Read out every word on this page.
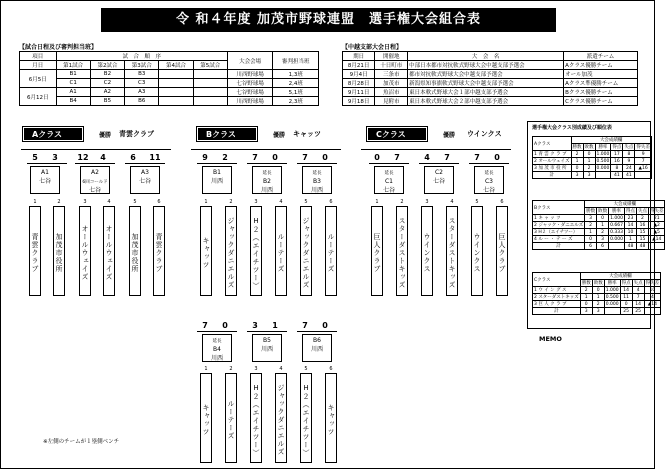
令 和４年度 加茂市野球連盟　選手権大会組合表
【試合日程及び審判担当班】
項目	試　合　順　序					大会会場	審判担当班
月日	第1試合	第2試合	第3試合	第4試合	第5試合		
6月5日	B1	B2	B3			川西野球場	1,3班
	C1	C2	C3			七谷野球場	2,4班
6月12日	A1	A2	A3			七谷野球場	5,1班
	B4	B5	B6			川西野球場	2,3班
【中越支部大会日程】
期日	開催地	大　会　名	派遣チーム
8月21日	十日町市	中部日本都市対抗軟式野球大会中越支部予選会	Aクラス優勝チーム
9月4日	三条市	都市対抗軟式野球大会中越支部予選会	オール加茂
8月28日	加茂市	新潟県知事旗軟式野球大会中越支部予選会	Aクラス準優勝チーム
9月11日	魚沼市	東日本軟式野球大会１部中越支部予選会	Bクラス優勝チーム
9月18日	見附市	東日本軟式野球大会２部中越支部予選会	Cクラス優勝チーム
Aクラス	優勝 青雲クラブ
5	3	12	4	6	11
A1
七谷
A2
6回コールド
七谷
A3
七谷
1	2	3	4	5	6
青雲クラブ 加茂市役所	オールウェイズ オールウェイズ	加茂市役所 青雲クラブ
Bクラス	優勝 キャッツ
9	2	7	0	7	0
B1
川西
延長
B2
川西
延長
B3
川西
1	2	3	4	5	6
キャッツ ジャックダニエルズ H２（エイチツー） ルーテーズ ジャックダニエルズ ルーテーズ
7	0	3	1	7	0
延長
B4
川西
B5
川西
B6
川西
1	2	3	4	5	6
キャッツ ルーテーズ H２（エイチツー） ジャックダニエルズ H２（エイチツー） キャッツ
Cクラス	優勝 ウインクス
0	7	4	7	7	0
延長
C1
七谷
C2
七谷
延長
C3
七谷
1	2	3	4	5	6
巨人クラブ スターダストキッズ ウインクス スターダストキッズ ウインクス 巨人クラブ
選手権大会クラス別成績及び順位表
Aクラス	大会成績欄					
	勝数	敗数	勝率	得点	失点	得失差
1 青 雲 ク ラ ブ	2	0	1.000	17	8	9
2 オールウェイズ	1	1	0.500	16	9	7
3 加 茂 市 役 所	0	2	0.000	8	24	▲16
計	3	3		41	41	
Bクラス	大会成績欄					
	勝数	敗数	勝率	得点	失点	得失差
1 キ ャ ッ ツ	3	0	1.000	23	2	21
2 ジャック・ダニエルズ	2	1	0.667	14	16	▲2
3 H２（エイチツー）	1	2	0.333	10	15	▲5
4 ル ー ・ テ ー ズ	0	3	0.000	1	15	▲14
計	6	6		48	48	
Cクラス	大会成績欄					
	勝数	敗数	勝率	得点	失点	得失差
1 ウ イ ン グ ス	2	0	1.000	14	4	10
2 スターダストキッズ	1	1	0.500	11	7	4
3 巨 人 ク ラ ブ	0	2	0.000	0	14	▲14
計	3	3		25	25	
MEMO
※左側のチームが１塁側ベンチ
